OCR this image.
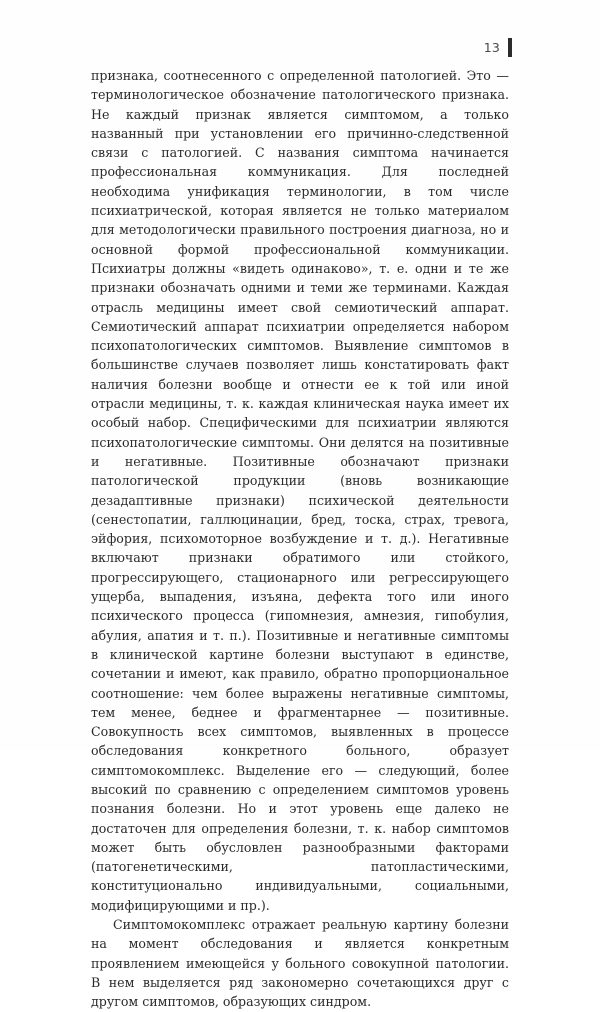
13

признака, соотнесенного с определенной патологией. Это — терминологическое обозначение патологического признака. Не каждый признак является симптомом, а только названный при установлении его причинно-следственной связи с патологией. С названия симптома начинается профессиональная коммуникация. Для последней необходима унификация терминологии, в том числе психиатрической, которая является не только материалом для методологически правильного построения диагноза, но и основной формой профессиональной коммуникации. Психиатры должны «видеть одинаково», т. е. одни и те же признаки обозначать одними и теми же терминами. Каждая отрасль медицины имеет свой семиотический аппарат. Семиотический аппарат психиатрии определяется набором психопатологических симптомов. Выявление симптомов в большинстве случаев позволяет лишь констатировать факт наличия болезни вообще и отнести ее к той или иной отрасли медицины, т. к. каждая клиническая наука имеет их особый набор. Специфическими для психиатрии являются психопатологические симптомы. Они делятся на позитивные и негативные. Позитивные обозначают признаки патологической продукции (вновь возникающие дезадаптивные признаки) психической деятельности (сенестопатии, галлюцинации, бред, тоска, страх, тревога, эйфория, психомоторное возбуждение и т. д.). Негативные включают признаки обратимого или стойкого, прогрессирующего, стационарного или регрессирующего ущерба, выпадения, изъяна, дефекта того или иного психического процесса (гипомнезия, амнезия, гипобулия, абулия, апатия и т. п.). Позитивные и негативные симптомы в клинической картине болезни выступают в единстве, сочетании и имеют, как правило, обратно пропорциональное соотношение: чем более выражены негативные симптомы, тем менее, беднее и фрагментарнее — позитивные. Совокупность всех симптомов, выявленных в процессе обследования конкретного больного, образует симптомокомплекс. Выделение его — следующий, более высокий по сравнению с определением симптомов уровень познания болезни. Но и этот уровень еще далеко не достаточен для определения болезни, т. к. набор симптомов может быть обусловлен разнообразными факторами (патогенетическими, патопластическими, конституционально индивидуальными, социальными, модифицирующими и пр.).

Симптомокомплекс отражает реальную картину болезни на момент обследования и является конкретным проявлением имеющейся у больного совокупной патологии. В нем выделяется ряд закономерно сочетающихся друг с другом симптомов, образующих синдром.
